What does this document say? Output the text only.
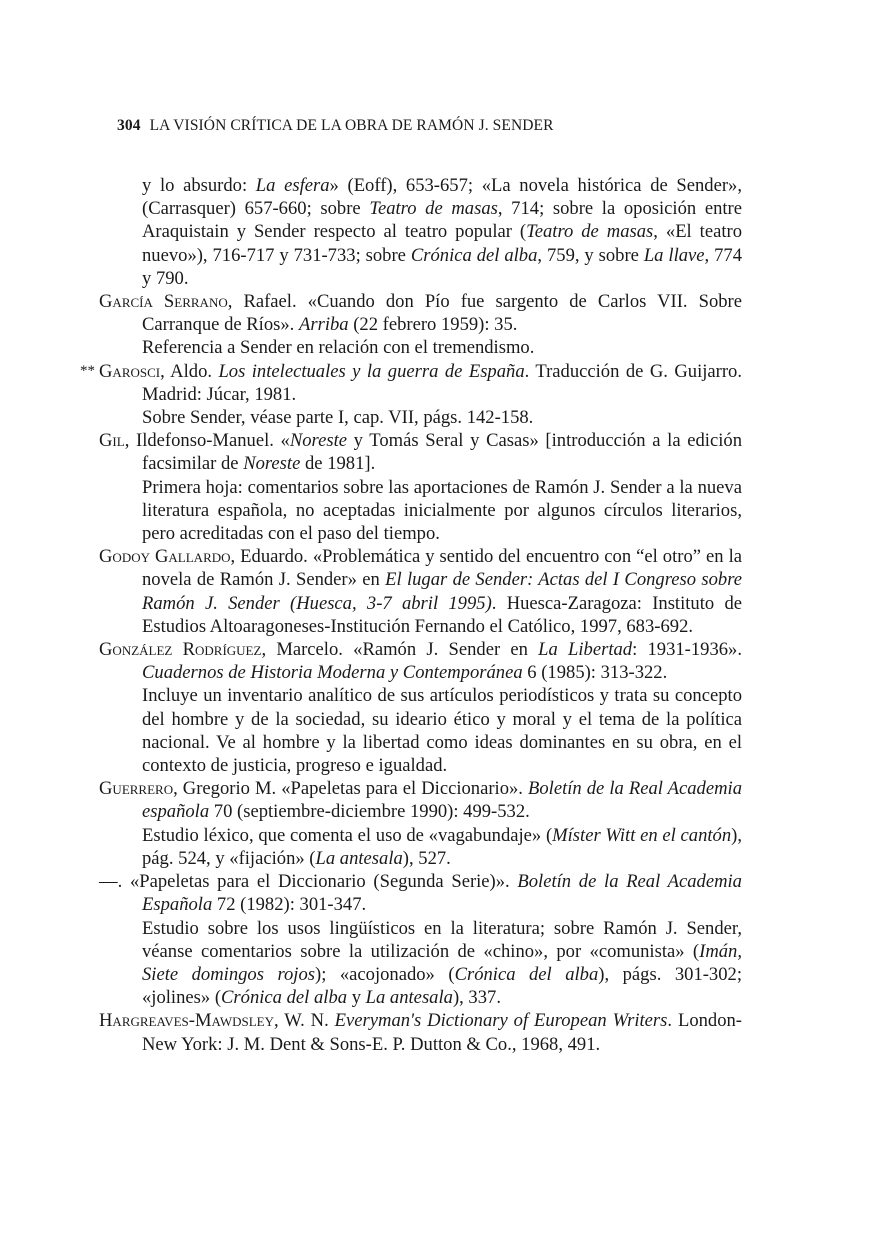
304 LA VISIÓN CRÍTICA DE LA OBRA DE RAMÓN J. SENDER

y lo absurdo: La esfera» (Eoff), 653-657; «La novela histórica de Sender», (Carrasquer) 657-660; sobre Teatro de masas, 714; sobre la oposición entre Araquistain y Sender respecto al teatro popular (Teatro de masas, «El teatro nuevo»), 716-717 y 731-733; sobre Crónica del alba, 759, y sobre La llave, 774 y 790.

García Serrano, Rafael. «Cuando don Pío fue sargento de Carlos VII. Sobre Carranque de Ríos». Arriba (22 febrero 1959): 35.

Referencia a Sender en relación con el tremendismo.

** Garosci, Aldo. Los intelectuales y la guerra de España. Traducción de G. Guijarro. Madrid: Júcar, 1981.

Sobre Sender, véase parte I, cap. VII, págs. 142-158.

Gil, Ildefonso-Manuel. «Noreste y Tomás Seral y Casas» [introducción a la edición facsimilar de Noreste de 1981].

Primera hoja: comentarios sobre las aportaciones de Ramón J. Sender a la nueva literatura española, no aceptadas inicialmente por algunos círculos literarios, pero acreditadas con el paso del tiempo.

Godoy Gallardo, Eduardo. «Problemática y sentido del encuentro con “el otro” en la novela de Ramón J. Sender» en El lugar de Sender: Actas del I Congreso sobre Ramón J. Sender (Huesca, 3-7 abril 1995). Huesca-Zaragoza: Instituto de Estudios Altoaragoneses-Institución Fernando el Católico, 1997, 683-692.

González Rodríguez, Marcelo. «Ramón J. Sender en La Libertad: 1931-1936». Cuadernos de Historia Moderna y Contemporánea 6 (1985): 313-322.

Incluye un inventario analítico de sus artículos periodísticos y trata su concepto del hombre y de la sociedad, su ideario ético y moral y el tema de la política nacional. Ve al hombre y la libertad como ideas dominantes en su obra, en el contexto de justicia, progreso e igualdad.

Guerrero, Gregorio M. «Papeletas para el Diccionario». Boletín de la Real Academia española 70 (septiembre-diciembre 1990): 499-532.

Estudio léxico, que comenta el uso de «vagabundaje» (Míster Witt en el cantón), pág. 524, y «fijación» (La antesala), 527.

—. «Papeletas para el Diccionario (Segunda Serie)». Boletín de la Real Academia Española 72 (1982): 301-347.

Estudio sobre los usos lingüísticos en la literatura; sobre Ramón J. Sender, véanse comentarios sobre la utilización de «chino», por «comunista» (Imán, Siete domingos rojos); «acojonado» (Crónica del alba), págs. 301-302; «jolines» (Crónica del alba y La antesala), 337.

Hargreaves-Mawdsley, W. N. Everyman's Dictionary of European Writers. London-New York: J. M. Dent & Sons-E. P. Dutton & Co., 1968, 491.
